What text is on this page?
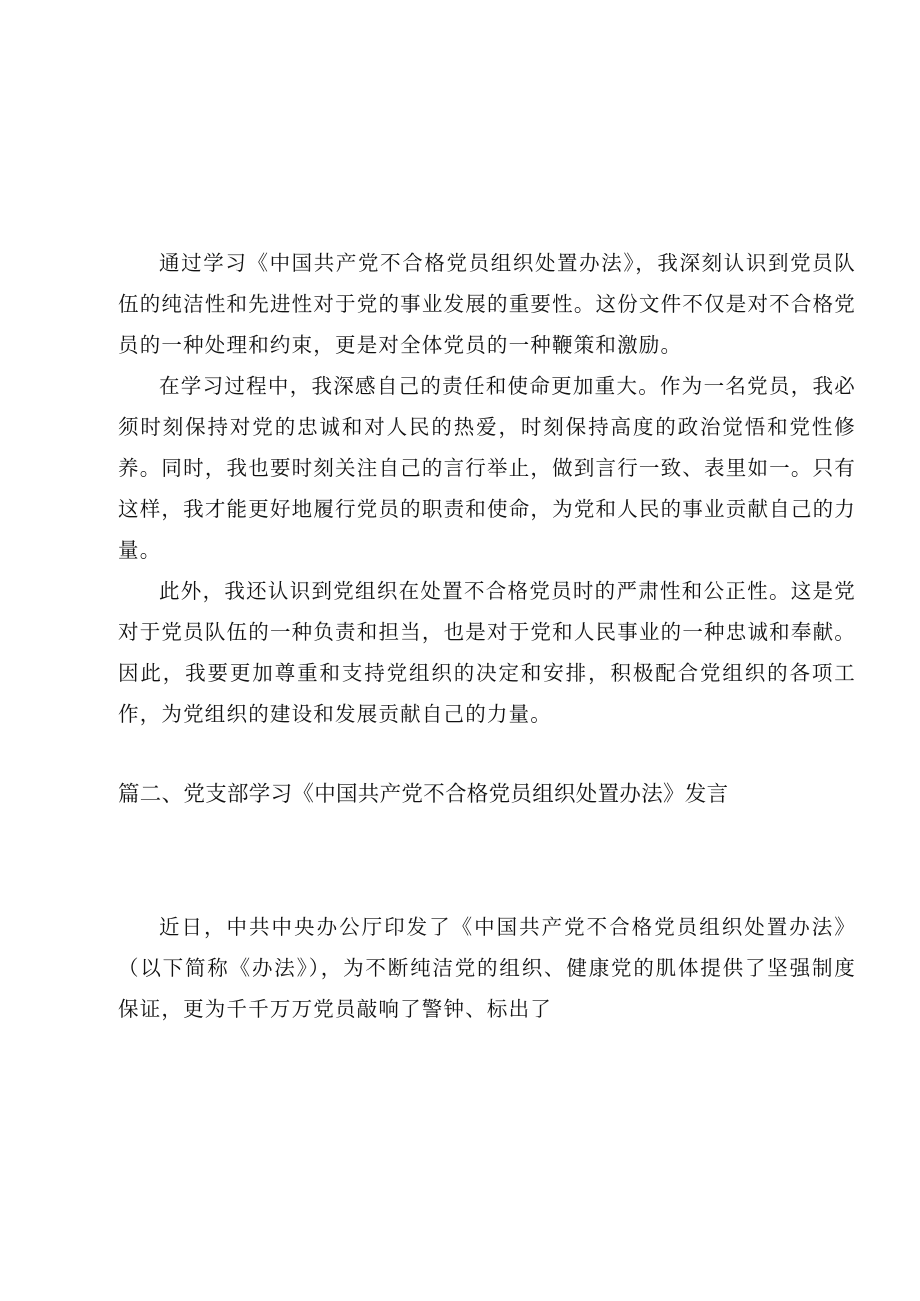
通过学习《中国共产党不合格党员组织处置办法》，我深刻认识到党员队伍的纯洁性和先进性对于党的事业发展的重要性。这份文件不仅是对不合格党员的一种处理和约束，更是对全体党员的一种鞭策和激励。

在学习过程中，我深感自己的责任和使命更加重大。作为一名党员，我必须时刻保持对党的忠诚和对人民的热爱，时刻保持高度的政治觉悟和党性修养。同时，我也要时刻关注自己的言行举止，做到言行一致、表里如一。只有这样，我才能更好地履行党员的职责和使命，为党和人民的事业贡献自己的力量。

此外，我还认识到党组织在处置不合格党员时的严肃性和公正性。这是党对于党员队伍的一种负责和担当，也是对于党和人民事业的一种忠诚和奉献。因此，我要更加尊重和支持党组织的决定和安排，积极配合党组织的各项工作，为党组织的建设和发展贡献自己的力量。

篇二、党支部学习《中国共产党不合格党员组织处置办法》发言

近日，中共中央办公厅印发了《中国共产党不合格党员组织处置办法》（以下简称《办法》），为不断纯洁党的组织、健康党的肌体提供了坚强制度保证，更为千千万万党员敲响了警钟、标出了
